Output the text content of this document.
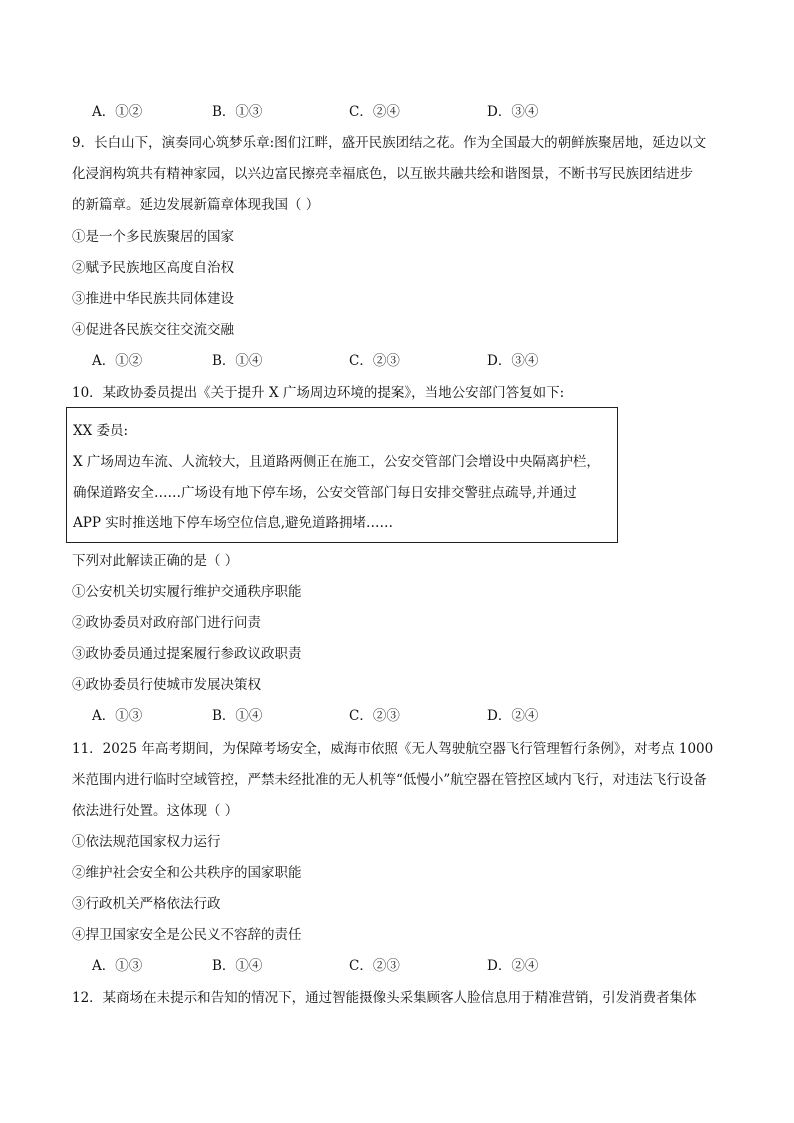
A．①②	B．①③	C．②④	D．③④
9．长白山下，演奏同心筑梦乐章:图们江畔，盛开民族团结之花。作为全国最大的朝鲜族聚居地，延边以文
化浸润构筑共有精神家园，以兴边富民擦亮幸福底色，以互嵌共融共绘和谐图景，不断书写民族团结进步
的新篇章。延边发展新篇章体现我国（ ）
①是一个多民族聚居的国家
②赋予民族地区高度自治权
③推进中华民族共同体建设
④促进各民族交往交流交融
A．①②	B．①④	C．②③	D．③④
10．某政协委员提出《关于提升 X 广场周边环境的提案》，当地公安部门答复如下:
XX 委员:
X 广场周边车流、人流较大，且道路两侧正在施工，公安交管部门会增设中央隔离护栏，
确保道路安全……广场设有地下停车场，公安交管部门每日安排交警驻点疏导,并通过
APP 实时推送地下停车场空位信息,避免道路拥堵……
下列对此解读正确的是（ ）
①公安机关切实履行维护交通秩序职能
②政协委员对政府部门进行问责
③政协委员通过提案履行参政议政职责
④政协委员行使城市发展决策权
A．①③	B．①④	C．②③	D．②④
11．2025 年高考期间，为保障考场安全，威海市依照《无人驾驶航空器飞行管理暂行条例》，对考点 1000
米范围内进行临时空域管控，严禁未经批准的无人机等“低慢小”航空器在管控区域内飞行，对违法飞行设备
依法进行处置。这体现（ ）
①依法规范国家权力运行
②维护社会安全和公共秩序的国家职能
③行政机关严格依法行政
④捍卫国家安全是公民义不容辞的责任
A．①③	B．①④	C．②③	D．②④
12．某商场在未提示和告知的情况下，通过智能摄像头采集顾客人脸信息用于精准营销，引发消费者集体
